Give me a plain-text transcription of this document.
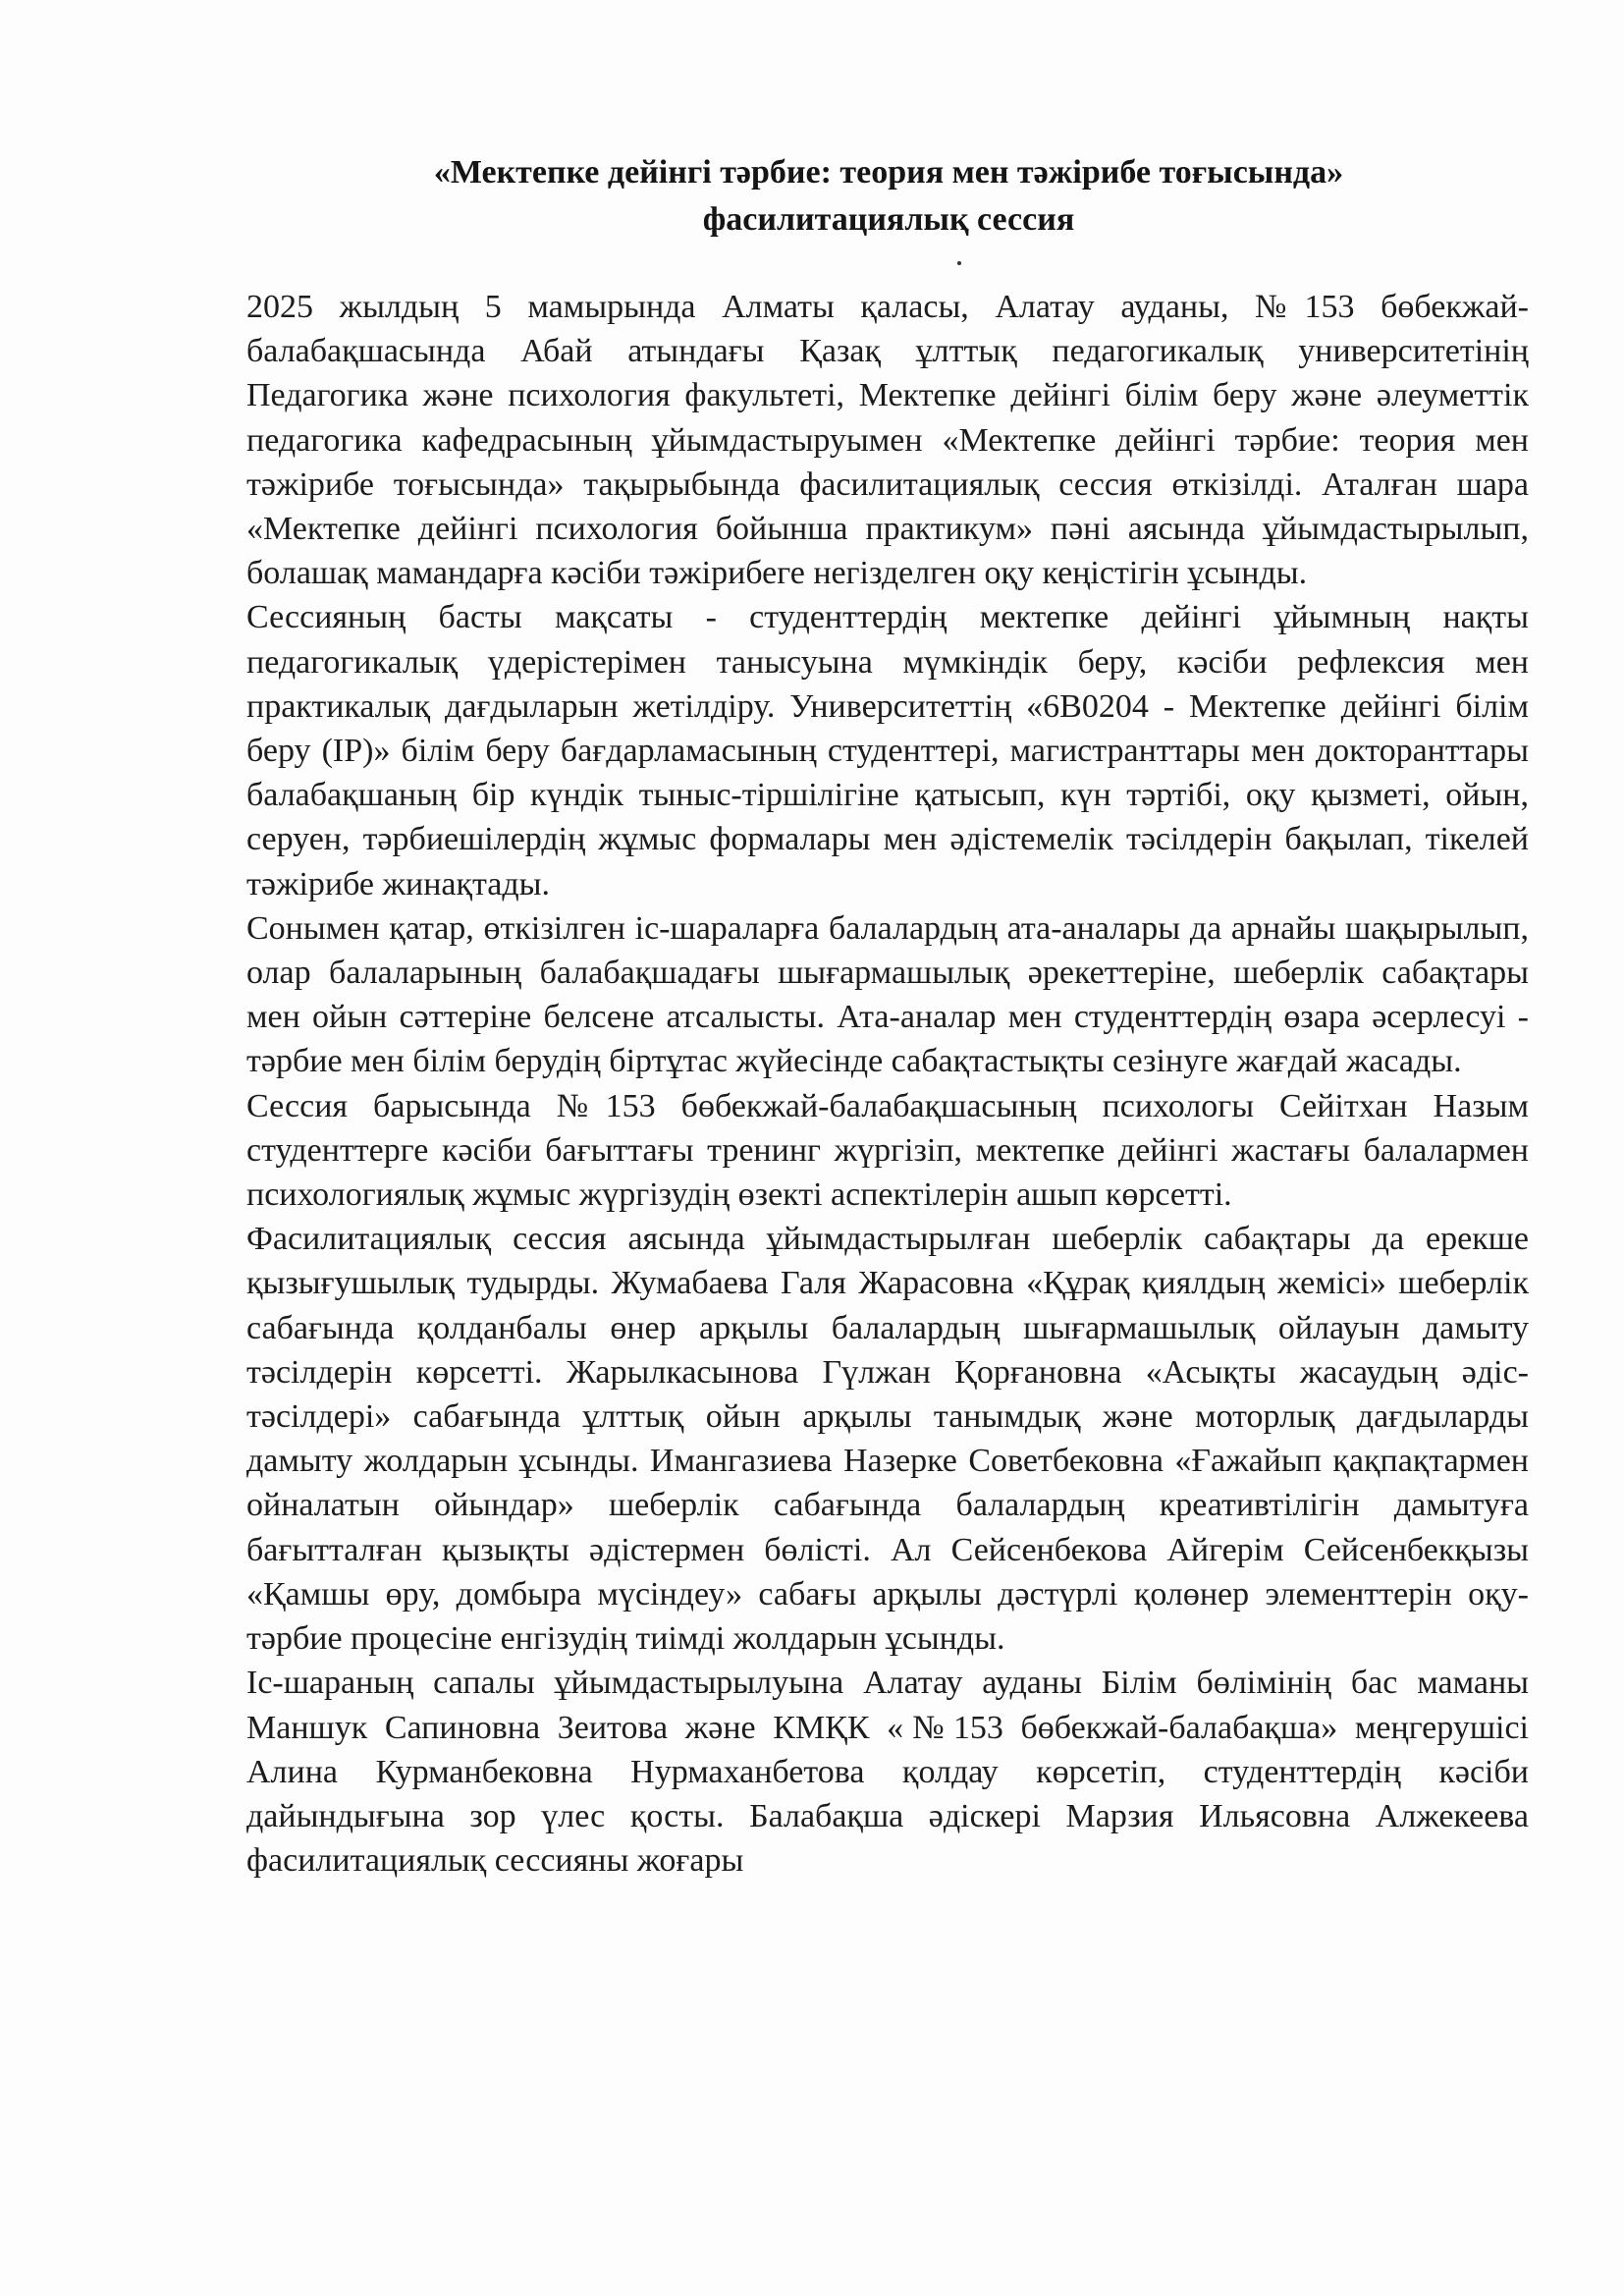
«Мектепке дейінгі тәрбие: теория мен тәжірибе тоғысында»
фасилитациялық сессия

2025 жылдың 5 мамырында Алматы қаласы, Алатау ауданы, №153 бөбекжай-балабақшасында Абай атындағы Қазақ ұлттық педагогикалық университетінің Педагогика және психология факультеті, Мектепке дейінгі білім беру және әлеуметтік педагогика кафедрасының ұйымдастыруымен «Мектепке дейінгі тәрбие: теория мен тәжірибе тоғысында» тақырыбында фасилитациялық сессия өткізілді. Аталған шара «Мектепке дейінгі психология бойынша практикум» пәні аясында ұйымдастырылып, болашақ мамандарға кәсіби тәжірибеге негізделген оқу кеңістігін ұсынды.

Сессияның басты мақсаты - студенттердің мектепке дейінгі ұйымның нақты педагогикалық үдерістерімен танысуына мүмкіндік беру, кәсіби рефлексия мен практикалық дағдыларын жетілдіру. Университеттің «6В0204 - Мектепке дейінгі білім беру (IP)» білім беру бағдарламасының студенттері, магистранттары мен докторанттары балабақшаның бір күндік тыныс-тіршілігіне қатысып, күн тәртібі, оқу қызметі, ойын, серуен, тәрбиешілердің жұмыс формалары мен әдістемелік тәсілдерін бақылап, тікелей тәжірибе жинақтады.

Сонымен қатар, өткізілген іс-шараларға балалардың ата-аналары да арнайы шақырылып, олар балаларының балабақшадағы шығармашылық әрекеттеріне, шеберлік сабақтары мен ойын сәттеріне белсене атсалысты. Ата-аналар мен студенттердің өзара әсерлесуі - тәрбие мен білім берудің біртұтас жүйесінде сабақтастықты сезінуге жағдай жасады.

Сессия барысында №153 бөбекжай-балабақшасының психологы Сейітхан Назым студенттерге кәсіби бағыттағы тренинг жүргізіп, мектепке дейінгі жастағы балалармен психологиялық жұмыс жүргізудің өзекті аспектілерін ашып көрсетті.

Фасилитациялық сессия аясында ұйымдастырылған шеберлік сабақтары да ерекше қызығушылық тудырды. Жумабаева Галя Жарасовна «Құрақ қиялдың жемісі» шеберлік сабағында қолданбалы өнер арқылы балалардың шығармашылық ойлауын дамыту тәсілдерін көрсетті. Жарылкасынова Гүлжан Қорғановна «Асықты жасаудың әдіс-тәсілдері» сабағында ұлттық ойын арқылы танымдық және моторлық дағдыларды дамыту жолдарын ұсынды. Имангазиева Назерке Советбековна «Ғажайып қақпақтармен ойналатын ойындар» шеберлік сабағында балалардың креативтілігін дамытуға бағытталған қызықты әдістермен бөлісті. Ал Сейсенбекова Айгерім Сейсенбекқызы «Қамшы өру, домбыра мүсіндеу» сабағы арқылы дәстүрлі қолөнер элементтерін оқу-тәрбие процесіне енгізудің тиімді жолдарын ұсынды.

Іс-шараның сапалы ұйымдастырылуына Алатау ауданы Білім бөлімінің бас маманы Маншук Сапиновна Зеитова және КМҚК «№153 бөбекжай-балабақша» меңгерушісі Алина Курманбековна Нурмаханбетова қолдау көрсетіп, студенттердің кәсіби дайындығына зор үлес қосты. Балабақша әдіскері Марзия Ильясовна Алжекеева фасилитациялық сессияны жоғары
